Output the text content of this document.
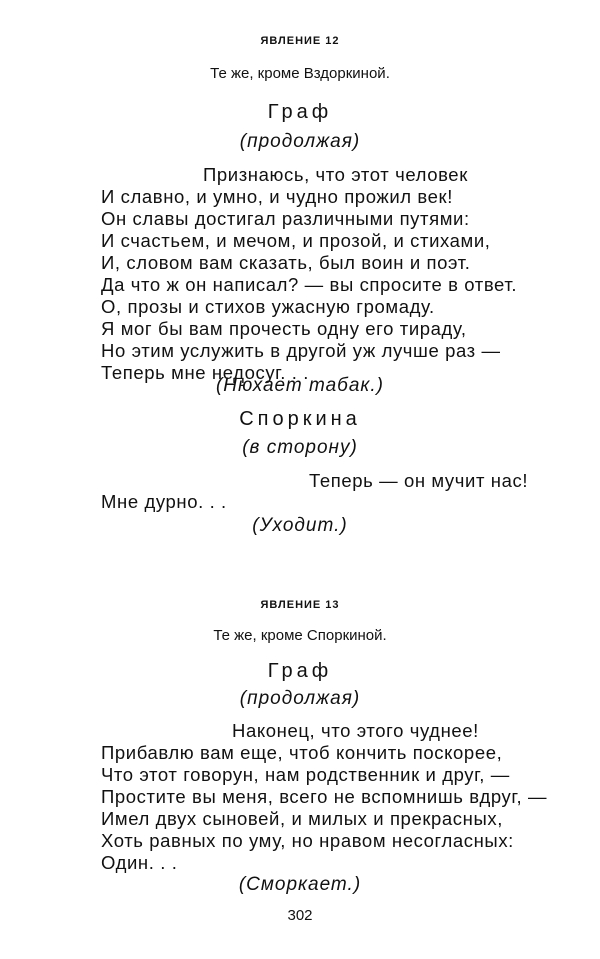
ЯВЛЕНИЕ 12
Те же, кроме Вздоркиной.
Граф
(продолжая)
Признаюсь, что этот человек
И славно, и умно, и чудно прожил век!
Он славы достигал различными путями:
И счастьем, и мечом, и прозой, и стихами,
И, словом вам сказать, был воин и поэт.
Да что ж он написал? — вы спросите в ответ.
О, прозы и стихов ужасную громаду.
Я мог бы вам прочесть одну его тираду,
Но этим услужить в другой уж лучше раз —
Теперь мне недосуг. . .
(Нюхает табак.)
Споркина
(в сторону)
Теперь — он мучит нас!
Мне дурно. . .
(Уходит.)
ЯВЛЕНИЕ 13
Те же, кроме Споркиной.
Граф
(продолжая)
Наконец, что этого чуднее!
Прибавлю вам еще, чтоб кончить поскорее,
Что этот говорун, нам родственник и друг, —
Простите вы меня, всего не вспомнишь вдруг, —
Имел двух сыновей, и милых и прекрасных,
Хоть равных по уму, но нравом несогласных:
Один. . .
(Сморкает.)
302
